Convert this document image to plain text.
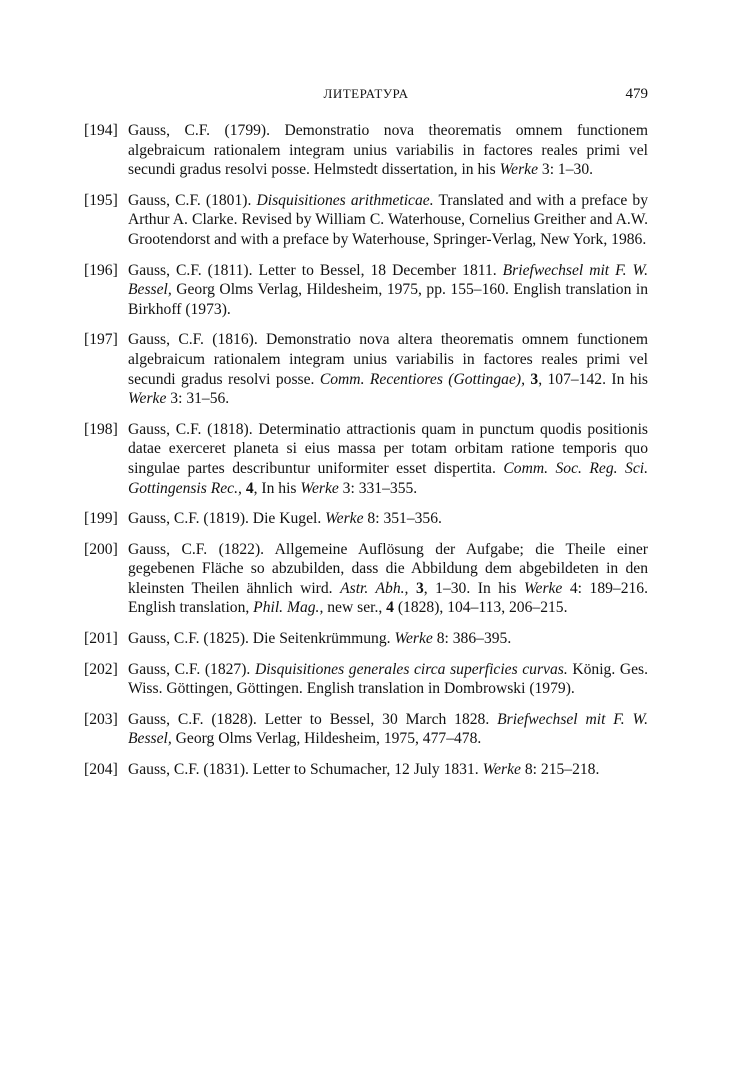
ЛИТЕРАТУРА	479
[194] Gauss, C.F. (1799). Demonstratio nova theorematis omnem functionem algebraicum rationalem integram unius variabilis in factores reales primi vel secundi gradus resolvi posse. Helmstedt dissertation, in his Werke 3: 1–30.
[195] Gauss, C.F. (1801). Disquisitiones arithmeticae. Translated and with a preface by Arthur A. Clarke. Revised by William C. Waterhouse, Cornelius Greither and A.W. Grootendorst and with a preface by Waterhouse, Springer-Verlag, New York, 1986.
[196] Gauss, C.F. (1811). Letter to Bessel, 18 December 1811. Briefwechsel mit F. W. Bessel, Georg Olms Verlag, Hildesheim, 1975, pp. 155–160. English translation in Birkhoff (1973).
[197] Gauss, C.F. (1816). Demonstratio nova altera theorematis omnem functionem algebraicum rationalem integram unius variabilis in factores reales primi vel secundi gradus resolvi posse. Comm. Recentiores (Gottingae), 3, 107–142. In his Werke 3: 31–56.
[198] Gauss, C.F. (1818). Determinatio attractionis quam in punctum quodis positionis datae exerceret planeta si eius massa per totam orbitam ratione temporis quo singulae partes describuntur uniformiter esset dispertita. Comm. Soc. Reg. Sci. Gottingensis Rec., 4, In his Werke 3: 331–355.
[199] Gauss, C.F. (1819). Die Kugel. Werke 8: 351–356.
[200] Gauss, C.F. (1822). Allgemeine Auflösung der Aufgabe; die Theile einer gegebenen Fläche so abzubilden, dass die Abbildung dem abgebildeten in den kleinsten Theilen ähnlich wird. Astr. Abh., 3, 1–30. In his Werke 4: 189–216. English translation, Phil. Mag., new ser., 4 (1828), 104–113, 206–215.
[201] Gauss, C.F. (1825). Die Seitenkrümmung. Werke 8: 386–395.
[202] Gauss, C.F. (1827). Disquisitiones generales circa superficies curvas. König. Ges. Wiss. Göttingen, Göttingen. English translation in Dombrowski (1979).
[203] Gauss, C.F. (1828). Letter to Bessel, 30 March 1828. Briefwechsel mit F. W. Bessel, Georg Olms Verlag, Hildesheim, 1975, 477–478.
[204] Gauss, C.F. (1831). Letter to Schumacher, 12 July 1831. Werke 8: 215–218.
